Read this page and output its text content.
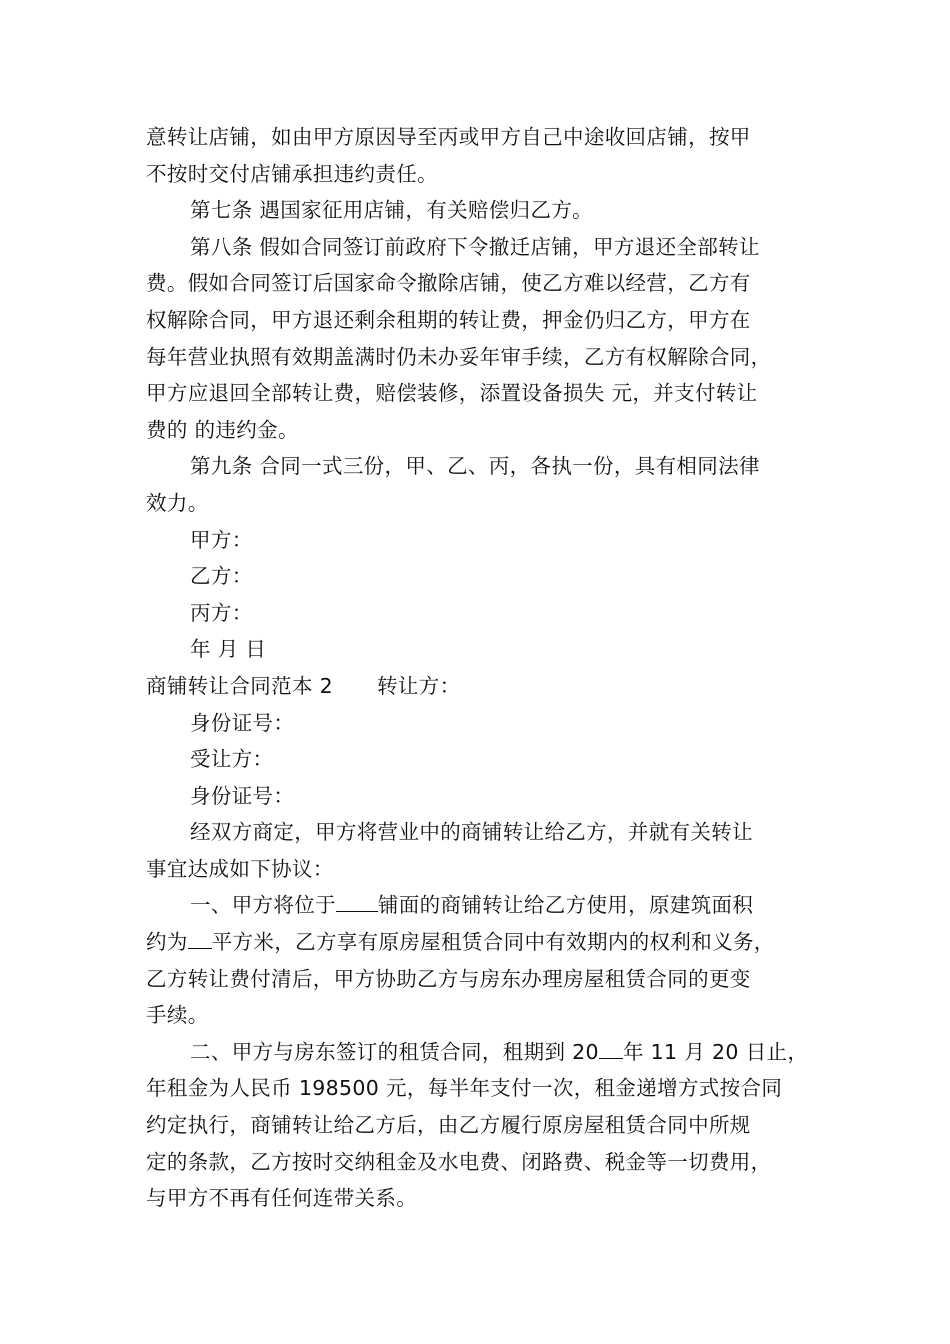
意转让店铺，如由甲方原因导至丙或甲方自己中途收回店铺，按甲
不按时交付店铺承担违约责任。
第七条 遇国家征用店铺，有关赔偿归乙方。
第八条 假如合同签订前政府下令撤迁店铺，甲方退还全部转让
费。假如合同签订后国家命令撤除店铺，使乙方难以经营，乙方有
权解除合同，甲方退还剩余租期的转让费，押金仍归乙方，甲方在
每年营业执照有效期盖满时仍未办妥年审手续，乙方有权解除合同，
甲方应退回全部转让费，赔偿装修，添置设备损失 元，并支付转让
费的 的违约金。
第九条 合同一式三份，甲、乙、丙，各执一份，具有相同法律
效力。
甲方：
乙方：
丙方：
年 月 日
商铺转让合同范本 2 转让方：
身份证号：
受让方：
身份证号：
经双方商定，甲方将营业中的商铺转让给乙方，并就有关转让
事宜达成如下协议：
一、甲方将位于 铺面的商铺转让给乙方使用，原建筑面积
约为 平方米，乙方享有原房屋租赁合同中有效期内的权利和义务，
乙方转让费付清后，甲方协助乙方与房东办理房屋租赁合同的更变
手续。
二、甲方与房东签订的租赁合同，租期到 20 年 11 月 20 日止，
年租金为人民币 198500 元，每半年支付一次，租金递增方式按合同
约定执行，商铺转让给乙方后，由乙方履行原房屋租赁合同中所规
定的条款，乙方按时交纳租金及水电费、闭路费、税金等一切费用，
与甲方不再有任何连带关系。
